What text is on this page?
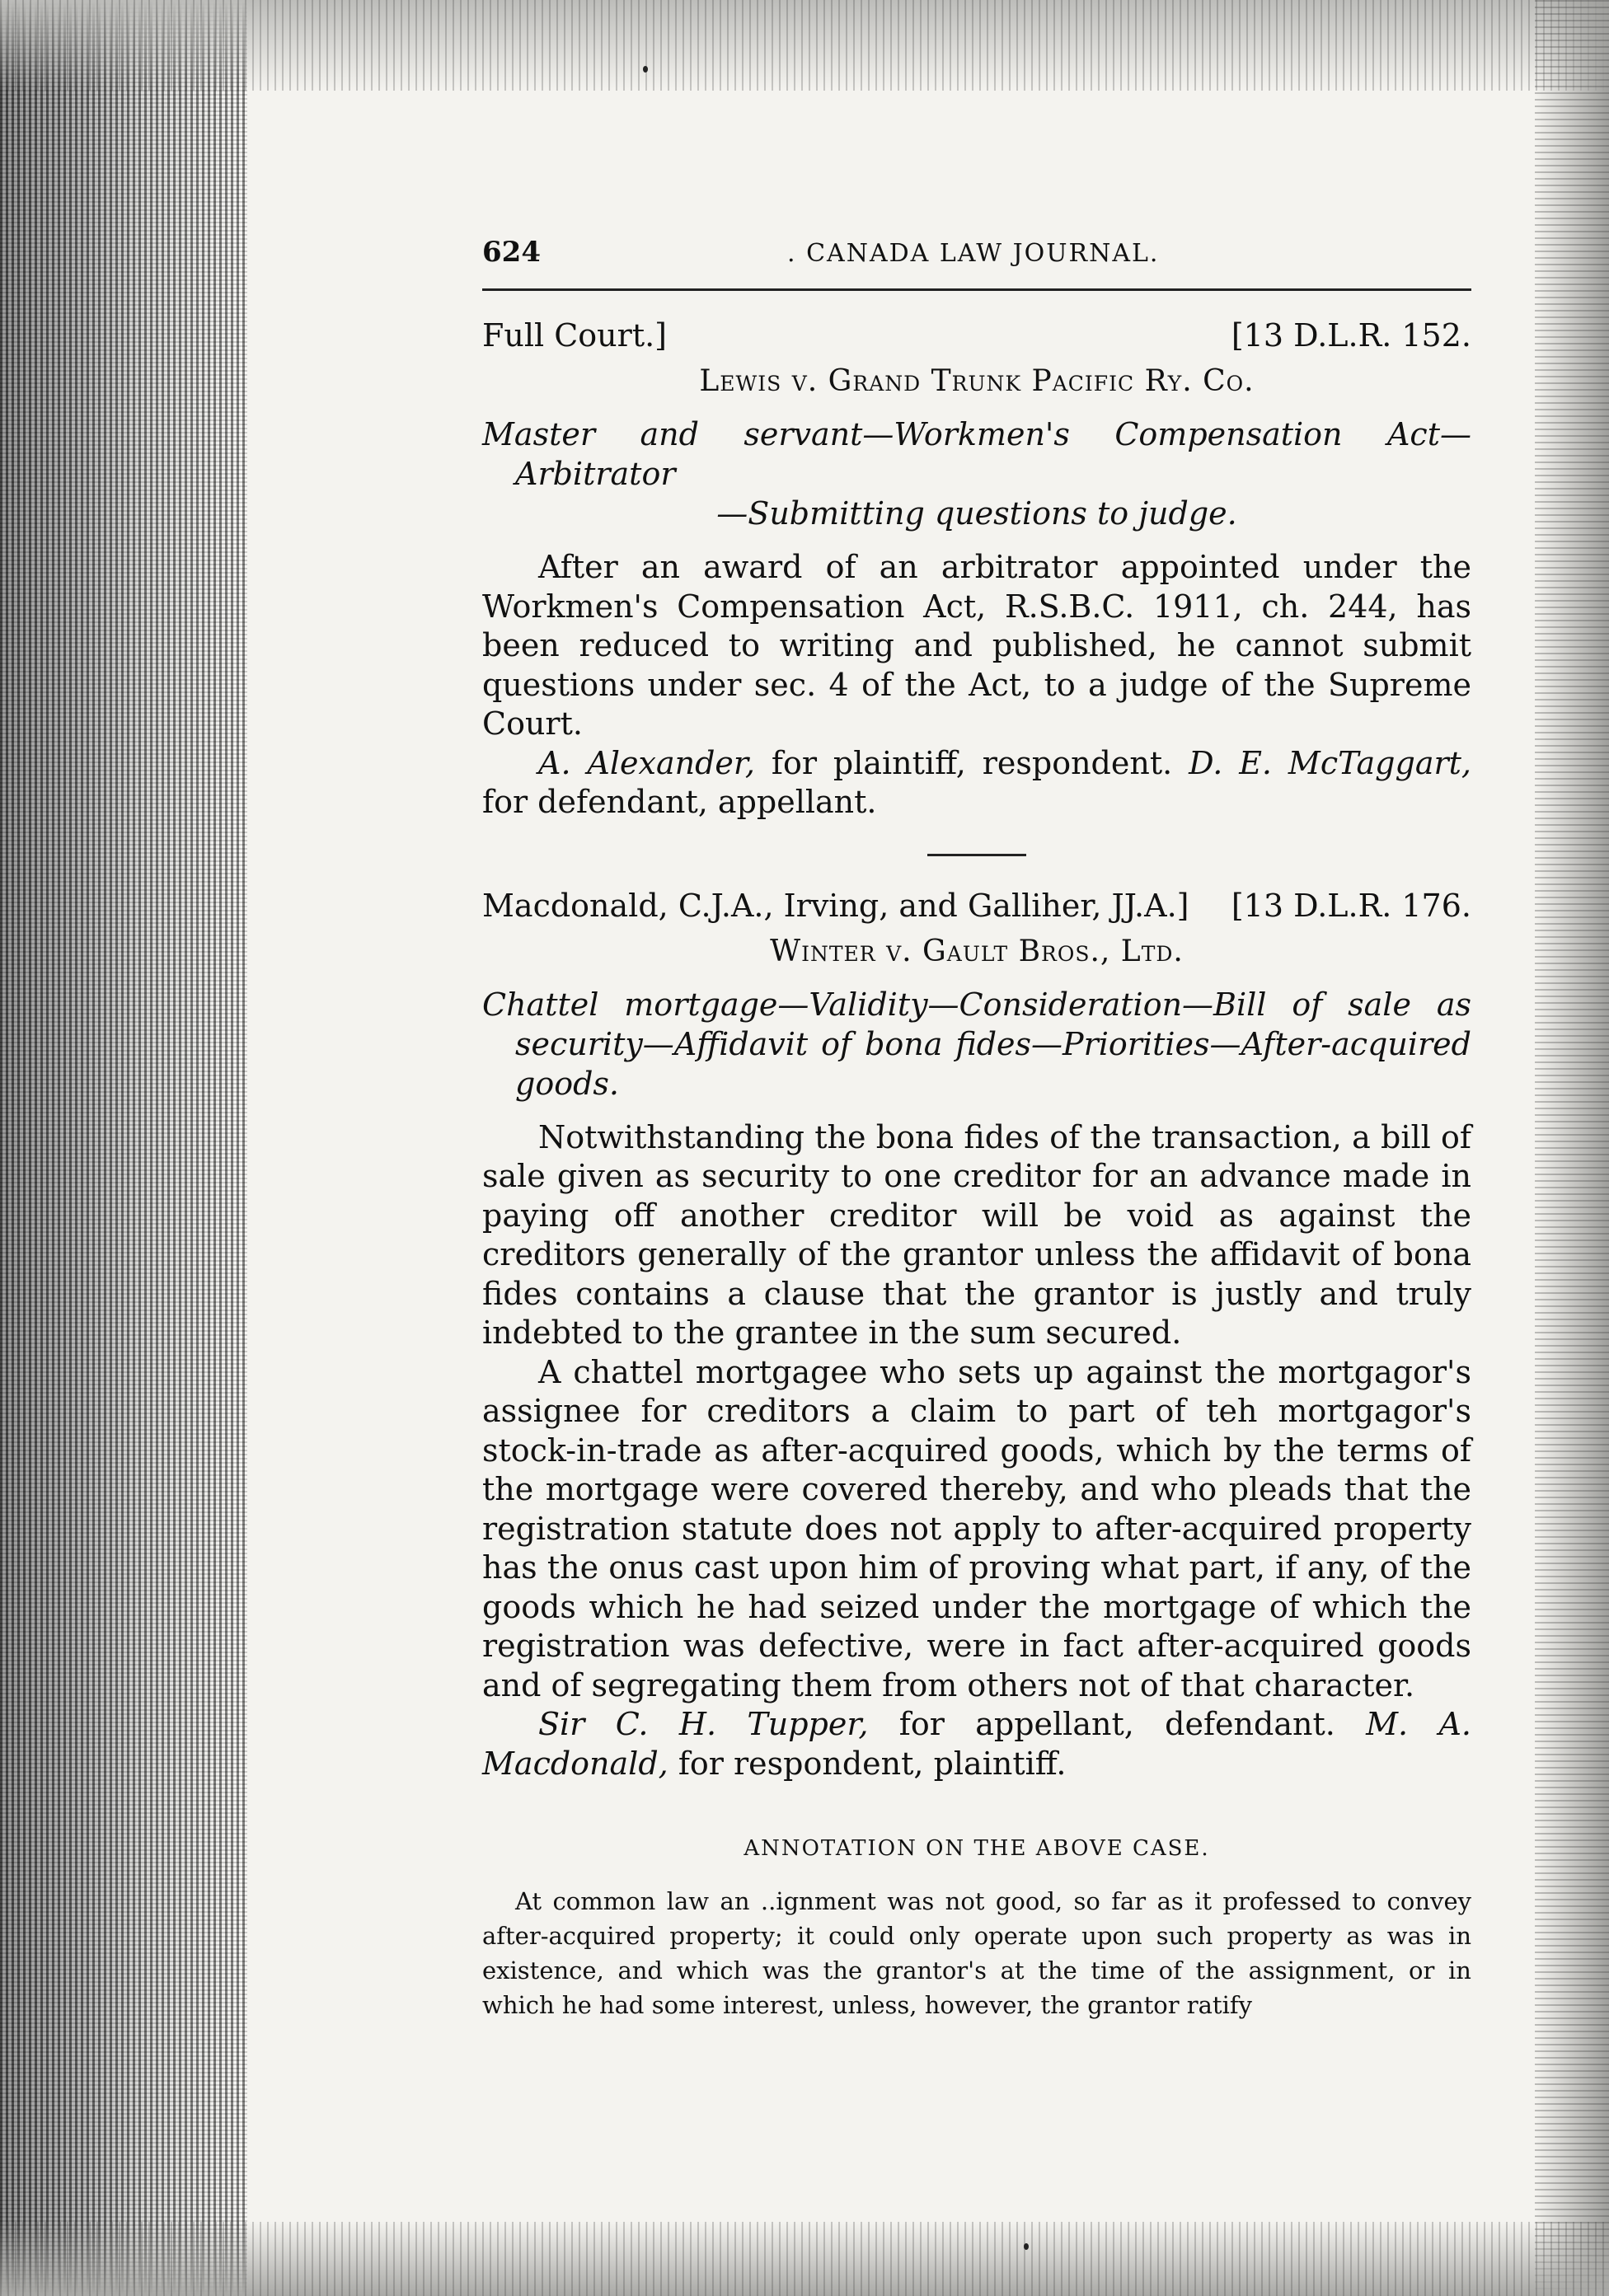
624	. CANADA LAW JOURNAL.
Full Court.]	[13 D.L.R. 152.
Lewis v. Grand Trunk Pacific Ry. Co.
Master and servant—Workmen's Compensation Act—Arbitrator
—Submitting questions to judge.

After an award of an arbitrator appointed under the Workmen's Compensation Act, R.S.B.C. 1911, ch. 244, has been reduced to writing and published, he cannot submit questions under sec. 4 of the Act, to a judge of the Supreme Court.

A. Alexander, for plaintiff, respondent. D. E. McTaggart, for defendant, appellant.

Macdonald, C.J.A., Irving, and Galliher, JJ.A.] [13 D.L.R. 176.
Winter v. Gault Bros., Ltd.
Chattel mortgage—Validity—Consideration—Bill of sale as security—Affidavit of bona fides—Priorities—After-acquired goods.

Notwithstanding the bona fides of the transaction, a bill of sale given as security to one creditor for an advance made in paying off another creditor will be void as against the creditors generally of the grantor unless the affidavit of bona fides contains a clause that the grantor is justly and truly indebted to the grantee in the sum secured.

A chattel mortgagee who sets up against the mortgagor's assignee for creditors a claim to part of teh mortgagor's stock-in-trade as after-acquired goods, which by the terms of the mortgage were covered thereby, and who pleads that the registration statute does not apply to after-acquired property has the onus cast upon him of proving what part, if any, of the goods which he had seized under the mortgage of which the registration was defective, were in fact after-acquired goods and of segregating them from others not of that character.

Sir C. H. Tupper, for appellant, defendant. M. A. Macdonald, for respondent, plaintiff.

ANNOTATION ON THE ABOVE CASE.

At common law an ..ignment was not good, so far as it professed to convey after-acquired property; it could only operate upon such property as was in existence, and which was the grantor's at the time of the assignment, or in which he had some interest, unless, however, the grantor ratify
